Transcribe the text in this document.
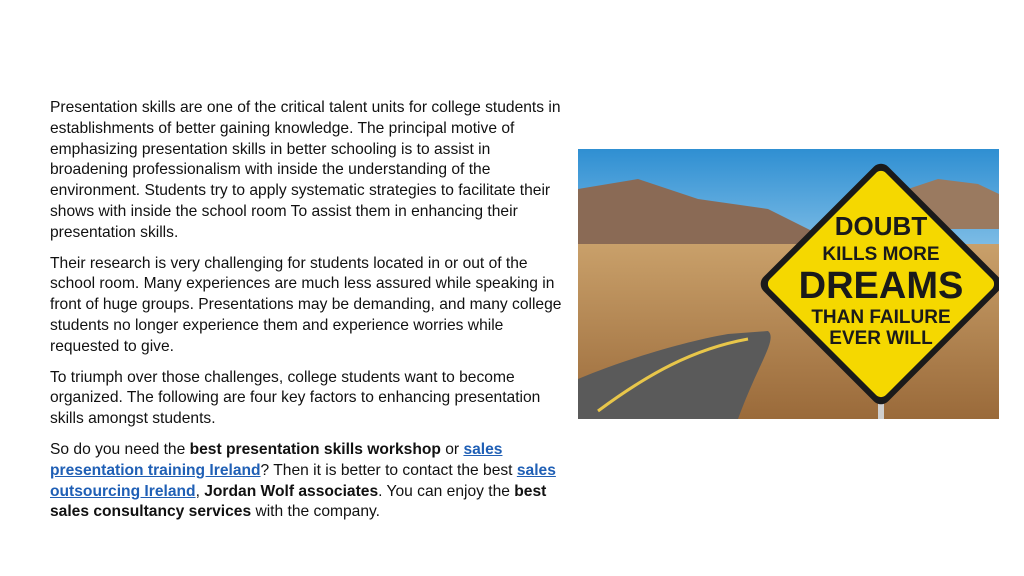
Presentation skills are one of the critical talent units for college students in establishments of better gaining knowledge. The principal motive of emphasizing presentation skills in better schooling is to assist in broadening professionalism with inside the understanding of the environment. Students try to apply systematic strategies to facilitate their shows with inside the school room To assist them in enhancing their presentation skills.

Their research is very challenging for students located in or out of the school room. Many experiences are much less assured while speaking in front of huge groups. Presentations may be demanding, and many college students no longer experience them and experience worries while requested to give.

To triumph over those challenges, college students want to become organized. The following are four key factors to enhancing presentation skills amongst students.

So do you need the best presentation skills workshop or sales presentation training Ireland? Then it is better to contact the best sales outsourcing Ireland, Jordan Wolf associates. You can enjoy the best sales consultancy services with the company.

DOUBT
KILLS MORE
DREAMS
THAN FAILURE
EVER WILL
